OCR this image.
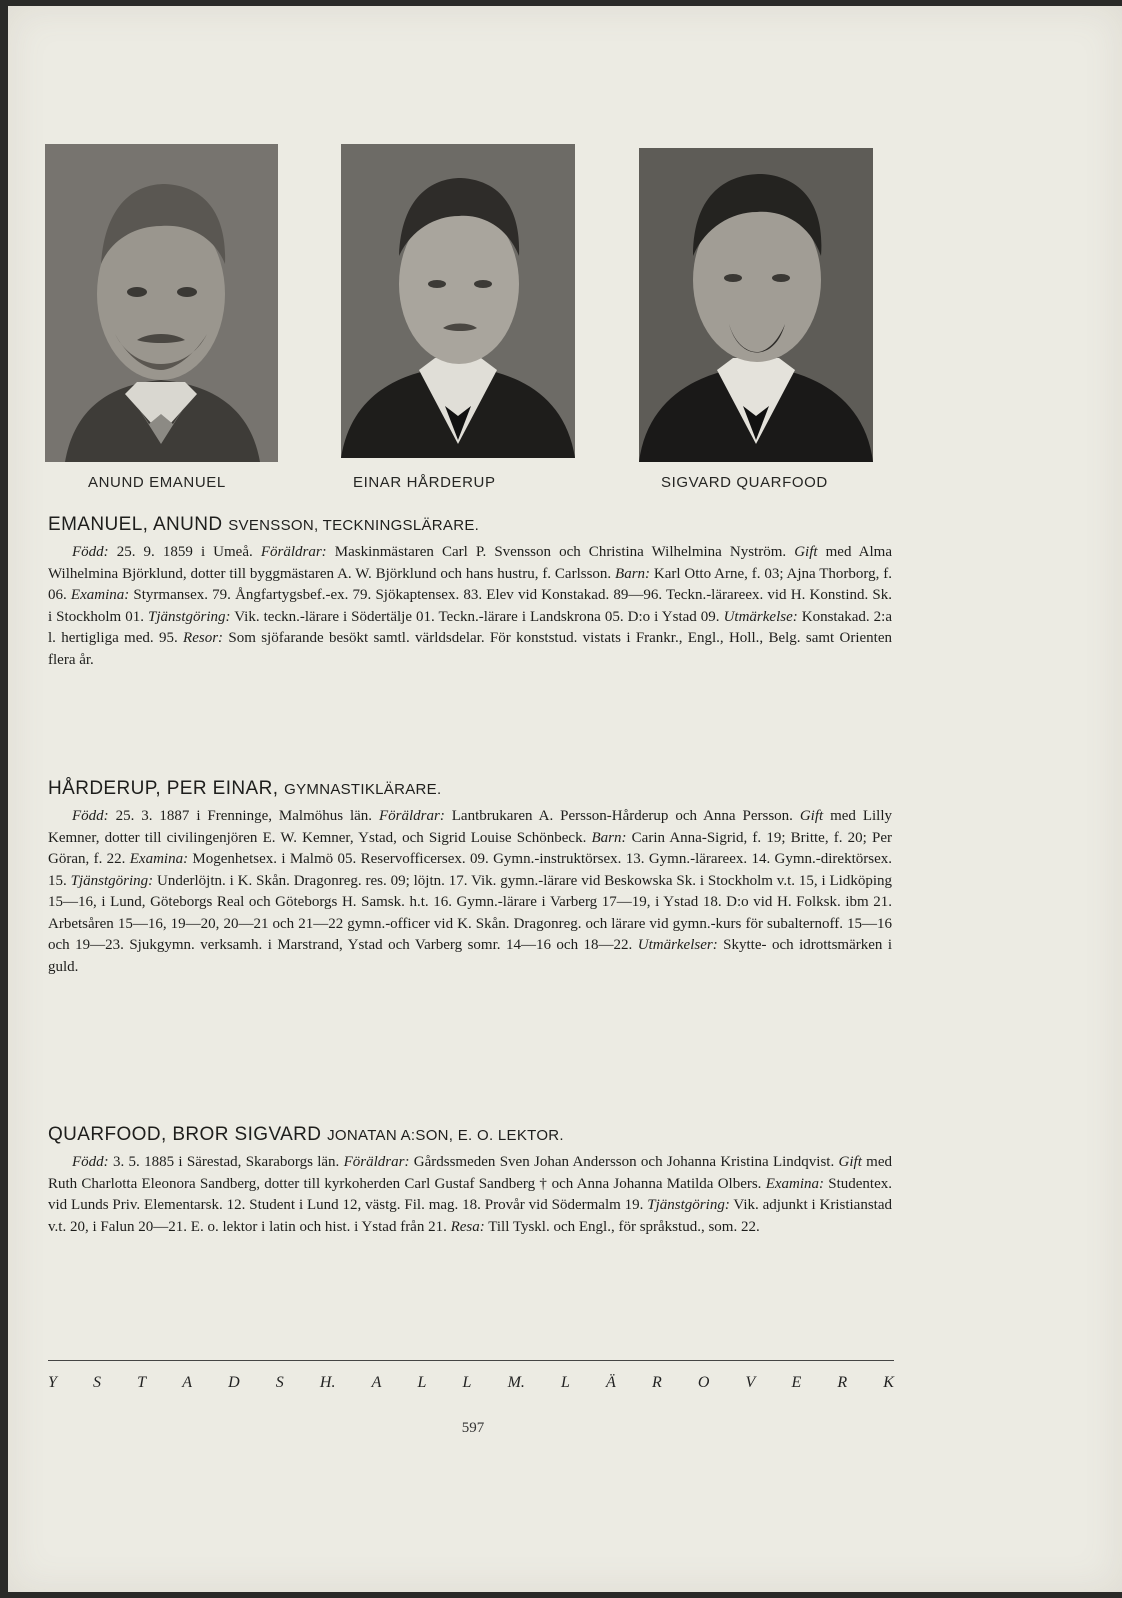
ANUND EMANUEL	EINAR HÅRDERUP	SIGVARD QUARFOOD
EMANUEL, ANUND SVENSSON, TECKNINGSLÄRARE.

Född: 25. 9. 1859 i Umeå. Föräldrar: Maskinmästaren Carl P. Svensson och Christina Wilhelmina Nyström. Gift med Alma Wilhelmina Björklund, dotter till byggmästaren A. W. Björklund och hans hustru, f. Carlsson. Barn: Karl Otto Arne, f. 03; Ajna Thorborg, f. 06. Examina: Styrmansex. 79. Ångfartygsbef.-ex. 79. Sjökaptensex. 83. Elev vid Konstakad. 89—96. Teckn.-lärareex. vid H. Konstind. Sk. i Stockholm 01. Tjänstgöring: Vik. teckn.-lärare i Södertälje 01. Teckn.-lärare i Landskrona 05. D:o i Ystad 09. Utmärkelse: Konstakad. 2:a l. hertigliga med. 95. Resor: Som sjöfarande besökt samtl. världsdelar. För konststud. vistats i Frankr., Engl., Holl., Belg. samt Orienten flera år.

HÅRDERUP, PER EINAR, GYMNASTIKLÄRARE.

Född: 25. 3. 1887 i Frenninge, Malmöhus län. Föräldrar: Lantbrukaren A. Persson-Hårderup och Anna Persson. Gift med Lilly Kemner, dotter till civilingenjören E. W. Kemner, Ystad, och Sigrid Louise Schönbeck. Barn: Carin Anna-Sigrid, f. 19; Britte, f. 20; Per Göran, f. 22. Examina: Mogenhetsex. i Malmö 05. Reservofficersex. 09. Gymn.-instruktörsex. 13. Gymn.-lärareex. 14. Gymn.-direktörsex. 15. Tjänstgöring: Underlöjtn. i K. Skån. Dragonreg. res. 09; löjtn. 17. Vik. gymn.-lärare vid Beskowska Sk. i Stockholm v.t. 15, i Lidköping 15—16, i Lund, Göteborgs Real och Göteborgs H. Samsk. h.t. 16. Gymn.-lärare i Varberg 17—19, i Ystad 18. D:o vid H. Folksk. ibm 21. Arbetsåren 15—16, 19—20, 20—21 och 21—22 gymn.-officer vid K. Skån. Dragonreg. och lärare vid gymn.-kurs för subalternoff. 15—16 och 19—23. Sjukgymn. verksamh. i Marstrand, Ystad och Varberg somr. 14—16 och 18—22. Utmärkelser: Skytte- och idrottsmärken i guld.

QUARFOOD, BROR SIGVARD JONATAN A:SON, E. O. LEKTOR.

Född: 3. 5. 1885 i Särestad, Skaraborgs län. Föräldrar: Gårdssmeden Sven Johan Andersson och Johanna Kristina Lindqvist. Gift med Ruth Charlotta Eleonora Sandberg, dotter till kyrkoherden Carl Gustaf Sandberg † och Anna Johanna Matilda Olbers. Examina: Studentex. vid Lunds Priv. Elementarsk. 12. Student i Lund 12, västg. Fil. mag. 18. Provår vid Södermalm 19. Tjänstgöring: Vik. adjunkt i Kristianstad v.t. 20, i Falun 20—21. E. o. lektor i latin och hist. i Ystad från 21. Resa: Till Tyskl. och Engl., för språkstud., som. 22.

Y S T A D S H. A L L M. L Ä R O V E R K
597
